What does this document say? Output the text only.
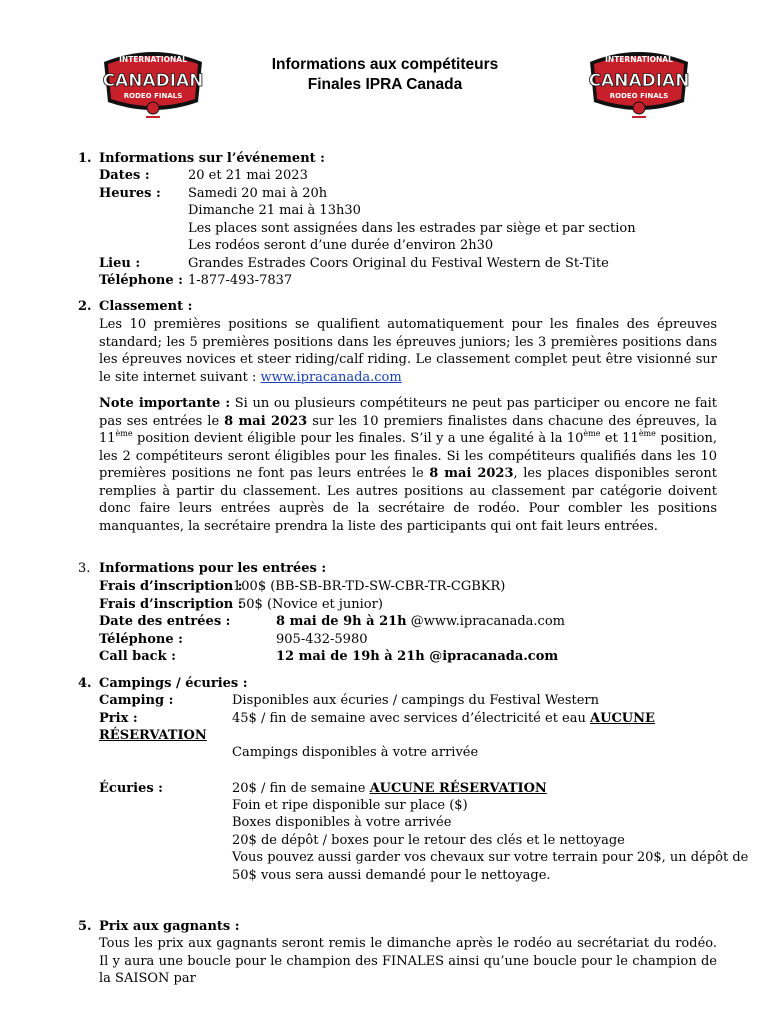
INTERNATIONAL
CANADIAN
RODEO FINALS
INTERNATIONAL
CANADIAN
RODEO FINALS
Informations aux compétiteurs
Finales IPRA Canada
1. Informations sur l’événement :
Dates :	20 et 21 mai 2023
Heures : Samedi 20 mai à 20h
Dimanche 21 mai à 13h30
Les places sont assignées dans les estrades par siège et par section
Les rodéos seront d’une durée d’environ 2h30
Lieu :	Grandes Estrades Coors Original du Festival Western de St-Tite
Téléphone : 1-877-493-7837
2. Classement :
Les 10 premières positions se qualifient automatiquement pour les finales des épreuves standard; les 5 premières positions dans les épreuves juniors; les 3 premières positions dans les épreuves novices et steer riding/calf riding. Le classement complet peut être visionné sur le site internet suivant : www.ipracanada.com
Note importante : Si un ou plusieurs compétiteurs ne peut pas participer ou encore ne fait pas ses entrées le 8 mai 2023 sur les 10 premiers finalistes dans chacune des épreuves, la 11ème position devient éligible pour les finales. S’il y a une égalité à la 10ème et 11ème position, les 2 compétiteurs seront éligibles pour les finales. Si les compétiteurs qualifiés dans les 10 premières positions ne font pas leurs entrées le 8 mai 2023, les places disponibles seront remplies à partir du classement. Les autres positions au classement par catégorie doivent donc faire leurs entrées auprès de la secrétaire de rodéo. Pour combler les positions manquantes, la secrétaire prendra la liste des participants qui ont fait leurs entrées.
3. Informations pour les entrées :
Frais d’inscription :
100$ (BB-SB-BR-TD-SW-CBR-TR-CGBKR)
Frais d’inscription :
50$ (Novice et junior)
Date des entrées :	8 mai de 9h à 21h @www.ipracanada.com
Téléphone :	905-432-5980
Call back :	12 mai de 19h à 21h @ipracanada.com
4. Campings / écuries :
Camping :	Disponibles aux écuries / campings du Festival Western
Prix :	45$ / fin de semaine avec services d’électricité et eau AUCUNE
RÉSERVATION
Campings disponibles à votre arrivée
Écuries :	20$ / fin de semaine AUCUNE RÉSERVATION
Foin et ripe disponible sur place ($)
Boxes disponibles à votre arrivée
20$ de dépôt / boxes pour le retour des clés et le nettoyage
Vous pouvez aussi garder vos chevaux sur votre terrain pour 20$, un dépôt de
50$ vous sera aussi demandé pour le nettoyage.
5. Prix aux gagnants :
Tous les prix aux gagnants seront remis le dimanche après le rodéo au secrétariat du rodéo. Il y aura une boucle pour le champion des FINALES ainsi qu’une boucle pour le champion de la SAISON par
